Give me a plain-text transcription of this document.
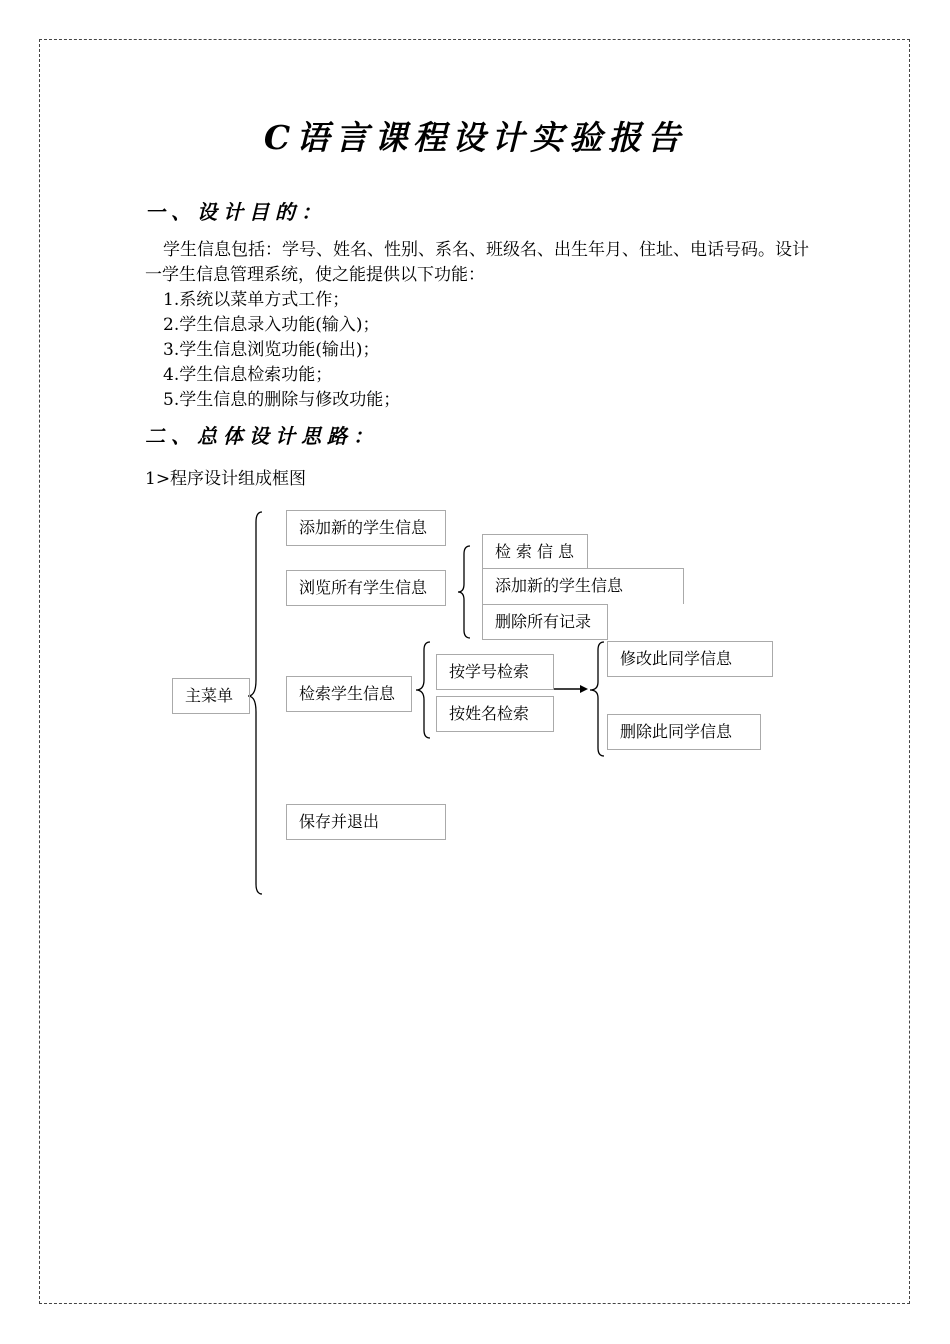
C语言课程设计实验报告
一、设计目的：
学生信息包括：学号、姓名、性别、系名、班级名、出生年月、住址、电话号码。设计一学生信息管理系统，使之能提供以下功能：
1.系统以菜单方式工作；
2.学生信息录入功能(输入)；
3.学生信息浏览功能(输出)；
4.学生信息检索功能；
5.学生信息的删除与修改功能；
二、总体设计思路：
1>程序设计组成框图
主菜单
添加新的学生信息
浏览所有学生信息
检索学生信息
保存并退出
检索信息
添加新的学生信息
删除所有记录
按学号检索
按姓名检索
修改此同学信息
删除此同学信息
